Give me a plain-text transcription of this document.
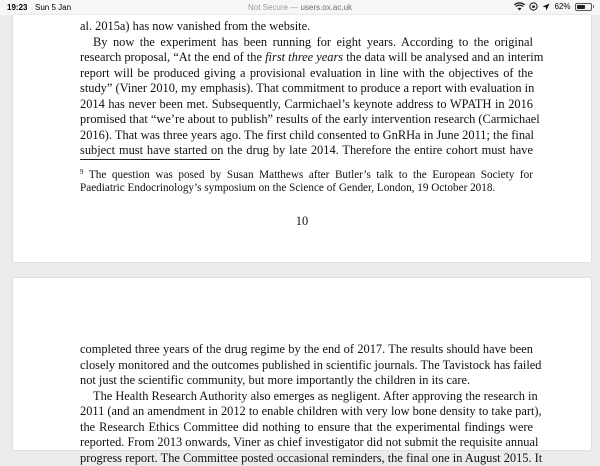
19:23 Sun 5 Jan	Not Secure — users.ox.ac.uk	62%
al. 2015a) has now vanished from the website.
By now the experiment has been running for eight years. According to the original
research proposal, “At the end of the first three years the data will be analysed and an interim
report will be produced giving a provisional evaluation in line with the objectives of the
study” (Viner 2010, my emphasis). That commitment to produce a report with evaluation in
2014 has never been met. Subsequently, Carmichael’s keynote address to WPATH in 2016
promised that “we’re about to publish” results of the early intervention research (Carmichael
2016). That was three years ago. The first child consented to GnRHa in June 2011; the final
subject must have started on the drug by late 2014. Therefore the entire cohort must have
$^9$ The question was posed by Susan Matthews after Butler’s talk to the European Society for
Paediatric Endocrinology’s symposium on the Science of Gender, London, 19 October 2018.
10
completed three years of the drug regime by the end of 2017. The results should have been
closely monitored and the outcomes published in scientific journals. The Tavistock has failed
not just the scientific community, but more importantly the children in its care.
The Health Research Authority also emerges as negligent. After approving the research in
2011 (and an amendment in 2012 to enable children with very low bone density to take part),
the Research Ethics Committee did nothing to ensure that the experimental findings were
reported. From 2013 onwards, Viner as chief investigator did not submit the requisite annual
progress report. The Committee posted occasional reminders, the final one in August 2015. It
